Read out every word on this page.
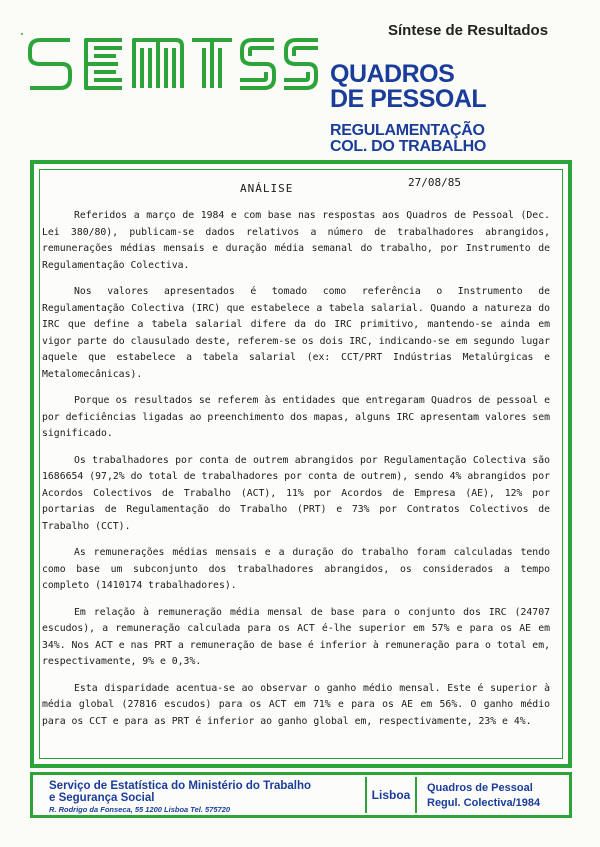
Síntese de Resultados
QUADROS
DE PESSOAL
REGULAMENTAÇÃO
COL. DO TRABALHO
27/08/85
ANÁLISE

Referidos a março de 1984 e com base nas respostas aos Quadros de Pessoal (Dec. Lei 380/80), publicam-se dados relativos a número de trabalhadores abrangidos, remunerações médias mensais e duração média semanal do trabalho, por Instrumento de Regulamentação Colectiva.

Nos valores apresentados é tomado como referência o Instrumento de Regulamentação Colectiva (IRC) que estabelece a tabela salarial. Quando a natureza do IRC que define a tabela salarial difere da do IRC primitivo, mantendo-se ainda em vigor parte do clausulado deste, referem-se os dois IRC, indicando-se em segundo lugar aquele que estabelece a tabela salarial (ex: CCT/PRT Indústrias Metalúrgicas e Metalomecânicas).

Porque os resultados se referem às entidades que entregaram Quadros de pessoal e por deficiências ligadas ao preenchimento dos mapas, alguns IRC apresentam valores sem significado.

Os trabalhadores por conta de outrem abrangidos por Regulamentação Colectiva são 1686654 (97,2% do total de trabalhadores por conta de outrem), sendo 4% abrangidos por Acordos Colectivos de Trabalho (ACT), 11% por Acordos de Empresa (AE), 12% por portarias de Regulamentação do Trabalho (PRT) e 73% por Contratos Colectivos de Trabalho (CCT).

As remunerações médias mensais e a duração do trabalho foram calculadas tendo como base um subconjunto dos trabalhadores abrangidos, os considerados a tempo completo (1410174 trabalhadores).

Em relação à remuneração média mensal de base para o conjunto dos IRC (24707 escudos), a remuneração calculada para os ACT é-lhe superior em 57% e para os AE em 34%. Nos ACT e nas PRT a remuneração de base é inferior à remuneração para o total em, respectivamente, 9% e 0,3%.

Esta disparidade acentua-se ao observar o ganho médio mensal. Este é superior à média global (27816 escudos) para os ACT em 71% e para os AE em 56%. O ganho médio para os CCT e para as PRT é inferior ao ganho global em, respectivamente, 23% e 4%.

Serviço de Estatística do Ministério do Trabalho
e Segurança Social
R. Rodrigo da Fonseca, 55 1200 Lisboa Tel. 575720
Lisboa Quadros de Pessoal
Regul. Colectiva/1984
